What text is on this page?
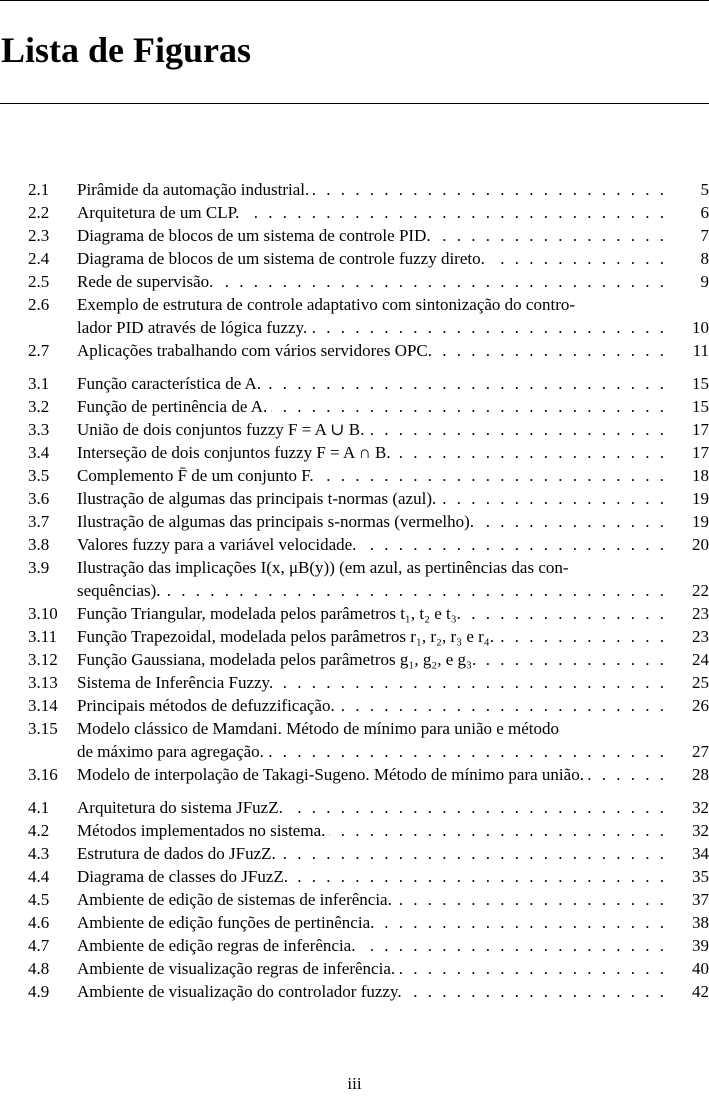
Lista de Figuras
2.1 . . . Pirâmide da automação industrial.	5
2.2 . . . Arquitetura de um CLP.	6
2.3 . . . Diagrama de blocos de um sistema de controle PID.	7
2.4 . . . Diagrama de blocos de um sistema de controle fuzzy direto.	8
2.5 . . . Rede de supervisão.	9
2.6 Exemplo de estrutura de controle adaptativo com sintonização do contro-
. . . lador PID através de lógica fuzzy.	10
2.7 . . . Aplicações trabalhando com vários servidores OPC.	11
3.1 . . . Função característica de A.	15
3.2 . . . Função de pertinência de A.	15
3.3 . . . União de dois conjuntos fuzzy F = A ∪ B.	17
3.4 . . . Interseção de dois conjuntos fuzzy F = A ∩ B.	17
3.5 . . . Complemento F̄ de um conjunto F.	18
3.6 . . . Ilustração de algumas das principais t-normas (azul).	19
3.7 . . . Ilustração de algumas das principais s-normas (vermelho).	19
3.8 . . . Valores fuzzy para a variável velocidade.	20
3.9 Ilustração das implicações I(x, μB(y)) (em azul, as pertinências das con-
. . . sequências).	22
3.10 . . . Função Triangular, modelada pelos parâmetros t₁, t₂ e t₃.	23
3.11 . . . Função Trapezoidal, modelada pelos parâmetros r₁, r₂, r₃ e r₄.	23
3.12 . . . Função Gaussiana, modelada pelos parâmetros g₁, g₂, e g₃.	24
3.13 . . . Sistema de Inferência Fuzzy.	25
3.14 . . . Principais métodos de defuzzificação.	26
3.15 Modelo clássico de Mamdani. Método de mínimo para união e método
. . . de máximo para agregação.	27
3.16 . . . Modelo de interpolação de Takagi-Sugeno. Método de mínimo para união.	28
4.1 . . . Arquitetura do sistema JFuzZ.	32
4.2 . . . Métodos implementados no sistema.	32
4.3 . . . Estrutura de dados do JFuzZ.	34
4.4 . . . Diagrama de classes do JFuzZ.	35
4.5 . . . Ambiente de edição de sistemas de inferência.	37
4.6 . . . Ambiente de edição funções de pertinência.	38
4.7 . . . Ambiente de edição regras de inferência.	39
4.8 . . . Ambiente de visualização regras de inferência.	40
4.9 . . . Ambiente de visualização do controlador fuzzy.	42
iii
